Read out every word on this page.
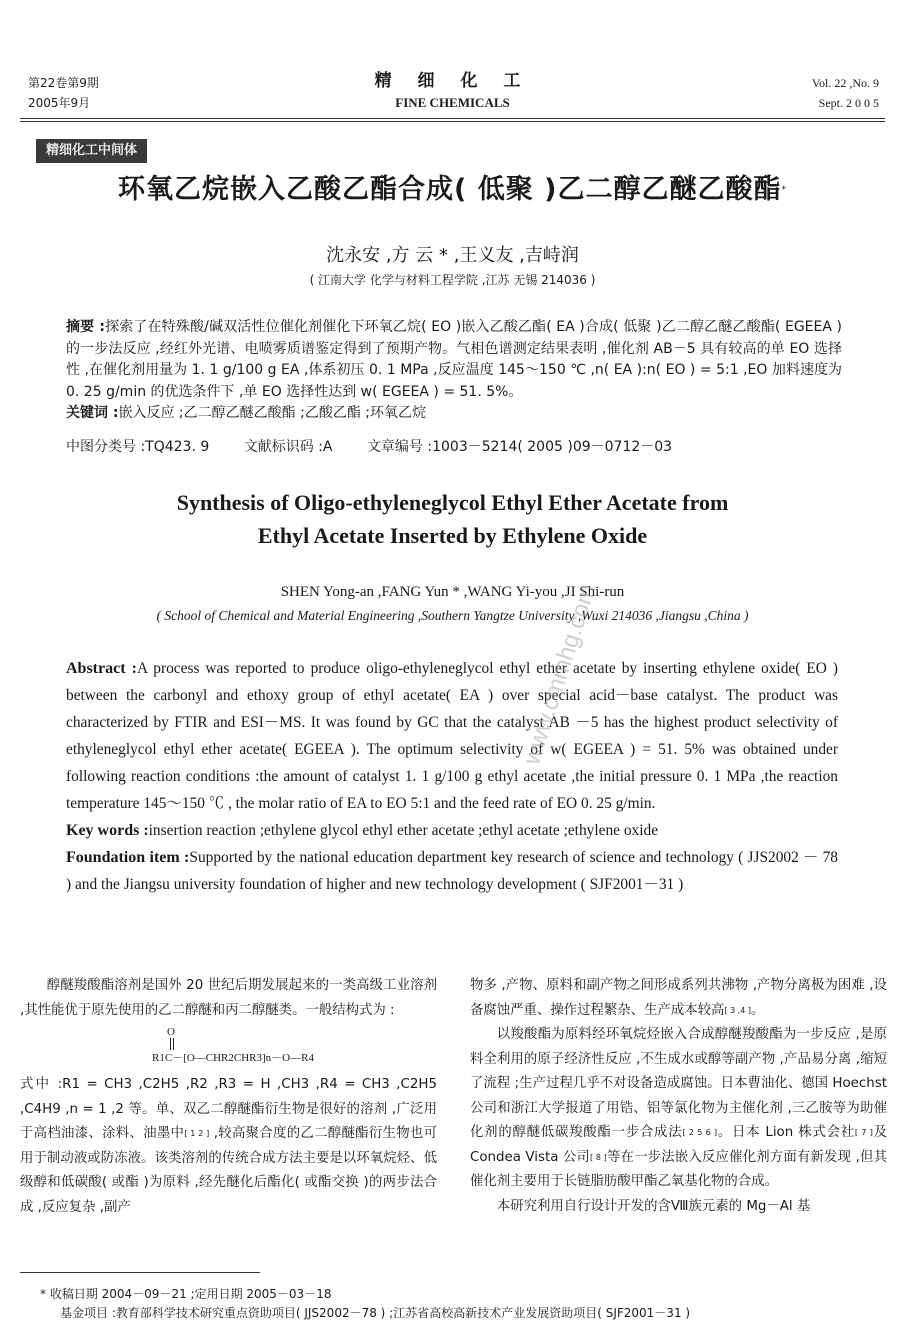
第22卷第9期
2005年9月
精 细 化 工
FINE CHEMICALS
Vol. 22 ,No. 9
Sept. 2 0 0 5
精细化工中间体
环氧乙烷嵌入乙酸乙酯合成( 低聚 )乙二醇乙醚乙酸酯*
沈永安 ,方 云 * ,王义友 ,吉峙润
( 江南大学 化学与材料工程学院 ,江苏 无锡 214036 )
摘要 :探索了在特殊酸/碱双活性位催化剂催化下环氧乙烷( EO )嵌入乙酸乙酯( EA )合成( 低聚 )乙二醇乙醚乙酸酯( EGEEA )的一步法反应 ,经红外光谱、电喷雾质谱鉴定得到了预期产物。气相色谱测定结果表明 ,催化剂 AB－5 具有较高的单 EO 选择性 ,在催化剂用量为 1. 1 g/100 g EA ,体系初压 0. 1 MPa ,反应温度 145～150 ℃ ,n( EA ):n( EO ) = 5:1 ,EO 加料速度为 0. 25 g/min 的优选条件下 ,单 EO 选择性达到 w( EGEEA ) = 51. 5%。
关键词 :嵌入反应 ;乙二醇乙醚乙酸酯 ;乙酸乙酯 ;环氧乙烷
中图分类号 :TQ423. 9 文献标识码 :A 文章编号 :1003－5214( 2005 )09－0712－03
Synthesis of Oligo-ethyleneglycol Ethyl Ether Acetate from
Ethyl Acetate Inserted by Ethylene Oxide
SHEN Yong-an ,FANG Yun * ,WANG Yi-you ,JI Shi-run
( School of Chemical and Material Engineering ,Southern Yangtze University ,Wuxi 214036 ,Jiangsu ,China )

Abstract :A process was reported to produce oligo-ethyleneglycol ethyl ether acetate by inserting ethylene oxide( EO ) between the carbonyl and ethoxy group of ethyl acetate( EA ) over special acid－base catalyst. The product was characterized by FTIR and ESI－MS. It was found by GC that the catalyst AB －5 has the highest product selectivity of ethyleneglycol ethyl ether acetate( EGEEA ). The optimum selectivity of w( EGEEA ) = 51. 5% was obtained under following reaction conditions :the amount of catalyst 1. 1 g/100 g ethyl acetate ,the initial pressure 0. 1 MPa ,the reaction temperature 145～150 ℃ , the molar ratio of EA to EO 5:1 and the feed rate of EO 0. 25 g/min.

Key words :insertion reaction ;ethylene glycol ethyl ether acetate ;ethyl acetate ;ethylene oxide

Foundation item :Supported by the national education department key research of science and technology ( JJS2002 － 78 ) and the Jiangsu university foundation of higher and new technology development ( SJF2001－31 )

www.cmmhg.com
醇醚羧酸酯溶剂是国外 20 世纪后期发展起来的一类高级工业溶剂 ,其性能优于原先使用的乙二醇醚和丙二醇醚类。一般结构式为 :
O
R1C－[O—CHR2CHR3]n－O—R4
式中 :R1 = CH3 ,C2H5 ,R2 ,R3 = H ,CH3 ,R4 = CH3 ,C2H5 ,C4H9 ,n = 1 ,2 等。单、双乙二醇醚酯衍生物是很好的溶剂 ,广泛用于高档油漆、涂料、油墨中[ 1 2 ] ,较高聚合度的乙二醇醚酯衍生物也可用于制动液或防冻液。该类溶剂的传统合成方法主要是以环氧烷烃、低级醇和低碳酸( 或酯 )为原料 ,经先醚化后酯化( 或酯交换 )的两步法合成 ,反应复杂 ,副产
物多 ,产物、原料和副产物之间形成系列共沸物 ,产物分离极为困难 ,设备腐蚀严重、操作过程繁杂、生产成本较高[ 3 ,4 ]。
以羧酸酯为原料经环氧烷烃嵌入合成醇醚羧酸酯为一步反应 ,是原料全利用的原子经济性反应 ,不生成水或醇等副产物 ,产品易分离 ,缩短了流程 ;生产过程几乎不对设备造成腐蚀。日本曹油化、德国 Hoechst 公司和浙江大学报道了用锆、铝等氯化物为主催化剂 ,三乙胺等为助催化剂的醇醚低碳羧酸酯一步合成法[ 2 5 6 ]。日本 Lion 株式会社[ 7 ]及 Condea Vista 公司[ 8 ]等在一步法嵌入反应催化剂方面有新发现 ,但其催化剂主要用于长链脂肪酸甲酯乙氧基化物的合成。
本研究利用自行设计开发的含Ⅷ族元素的 Mg－Al 基
* 收稿日期 2004－09－21 ;定用日期 2005－03－18
基金项目 :教育部科学技术研究重点资助项目( JJS2002－78 ) ;江苏省高校高新技术产业发展资助项目( SJF2001－31 )
